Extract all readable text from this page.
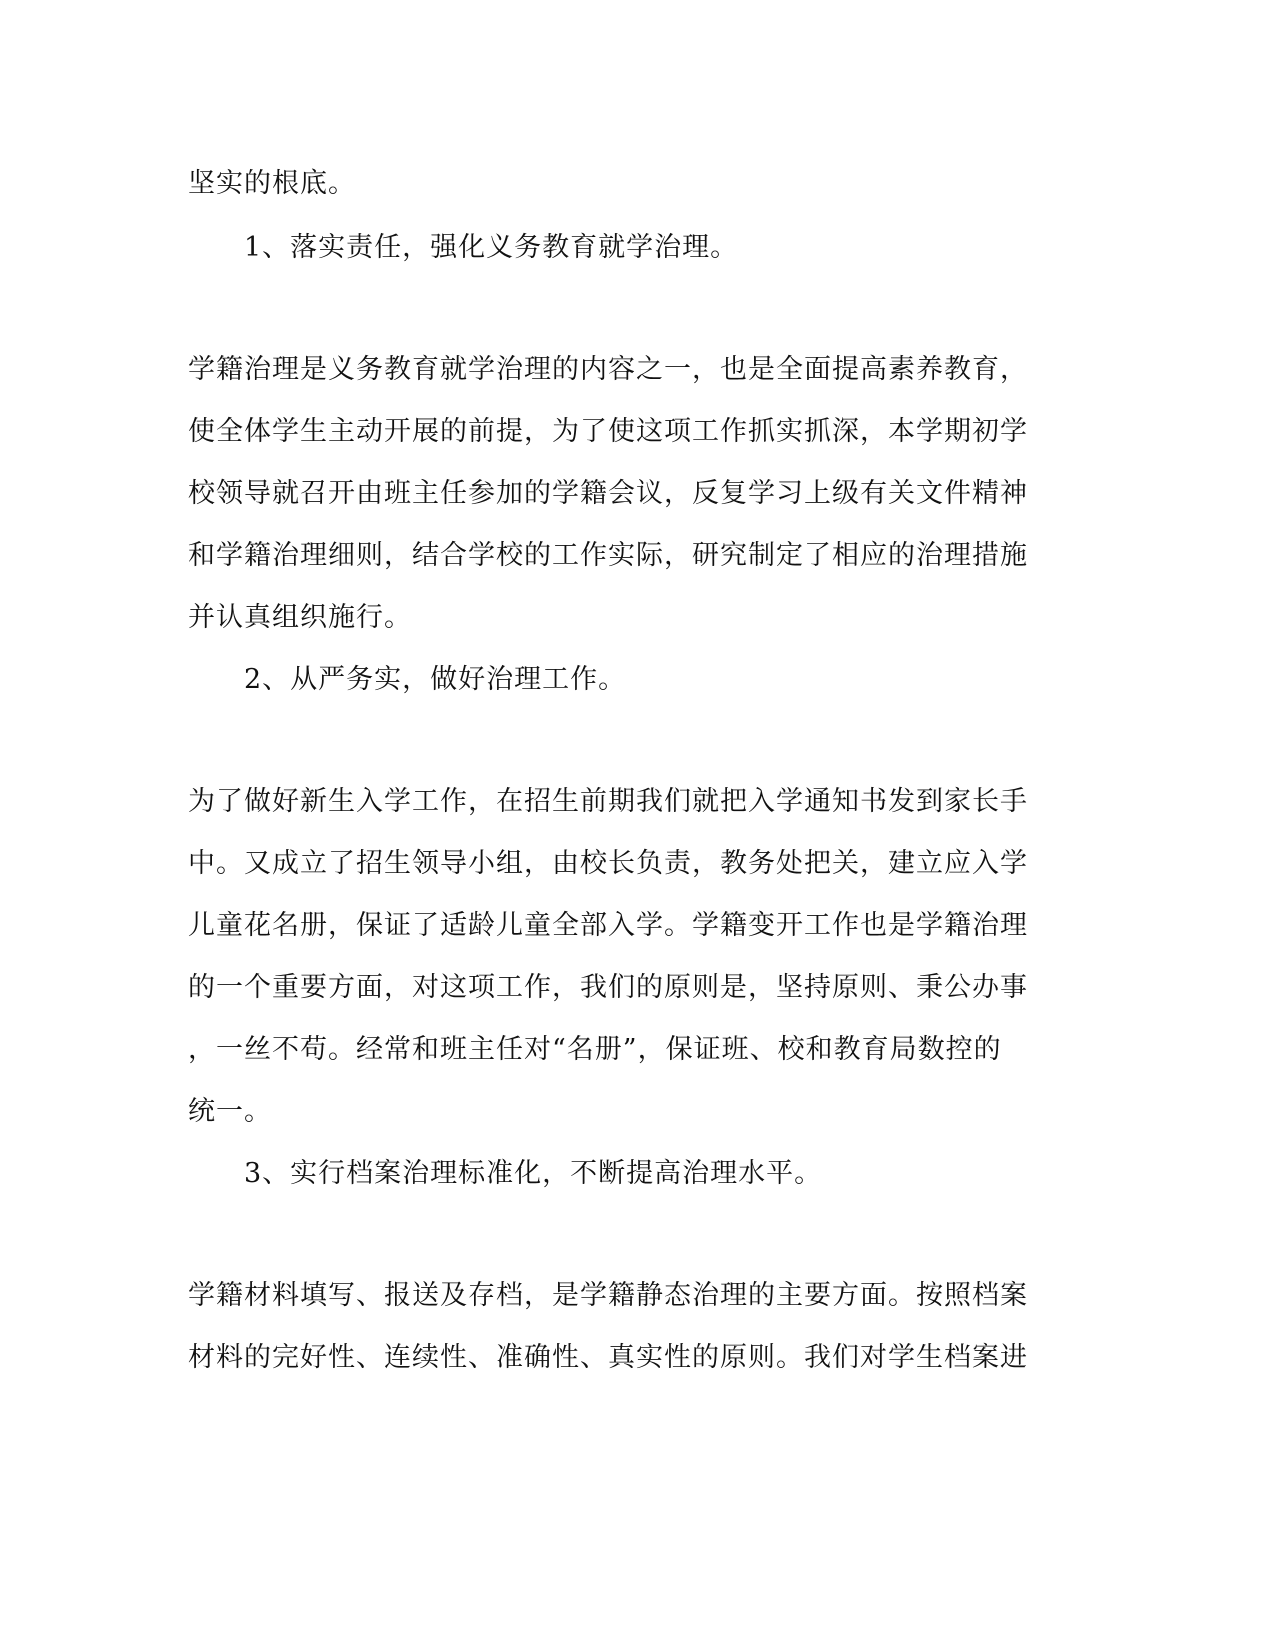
坚实的根底。

1、落实责任，强化义务教育就学治理。

学籍治理是义务教育就学治理的内容之一，也是全面提高素养教育，

使全体学生主动开展的前提，为了使这项工作抓实抓深，本学期初学

校领导就召开由班主任参加的学籍会议，反复学习上级有关文件精神

和学籍治理细则，结合学校的工作实际，研究制定了相应的治理措施

并认真组织施行。

2、从严务实，做好治理工作。

为了做好新生入学工作，在招生前期我们就把入学通知书发到家长手

中。又成立了招生领导小组，由校长负责，教务处把关，建立应入学

儿童花名册，保证了适龄儿童全部入学。学籍变开工作也是学籍治理

的一个重要方面，对这项工作，我们的原则是，坚持原则、秉公办事

，一丝不苟。经常和班主任对“名册”，保证班、校和教育局数控的

统一。

3、实行档案治理标准化，不断提高治理水平。

学籍材料填写、报送及存档，是学籍静态治理的主要方面。按照档案

材料的完好性、连续性、准确性、真实性的原则。我们对学生档案进
